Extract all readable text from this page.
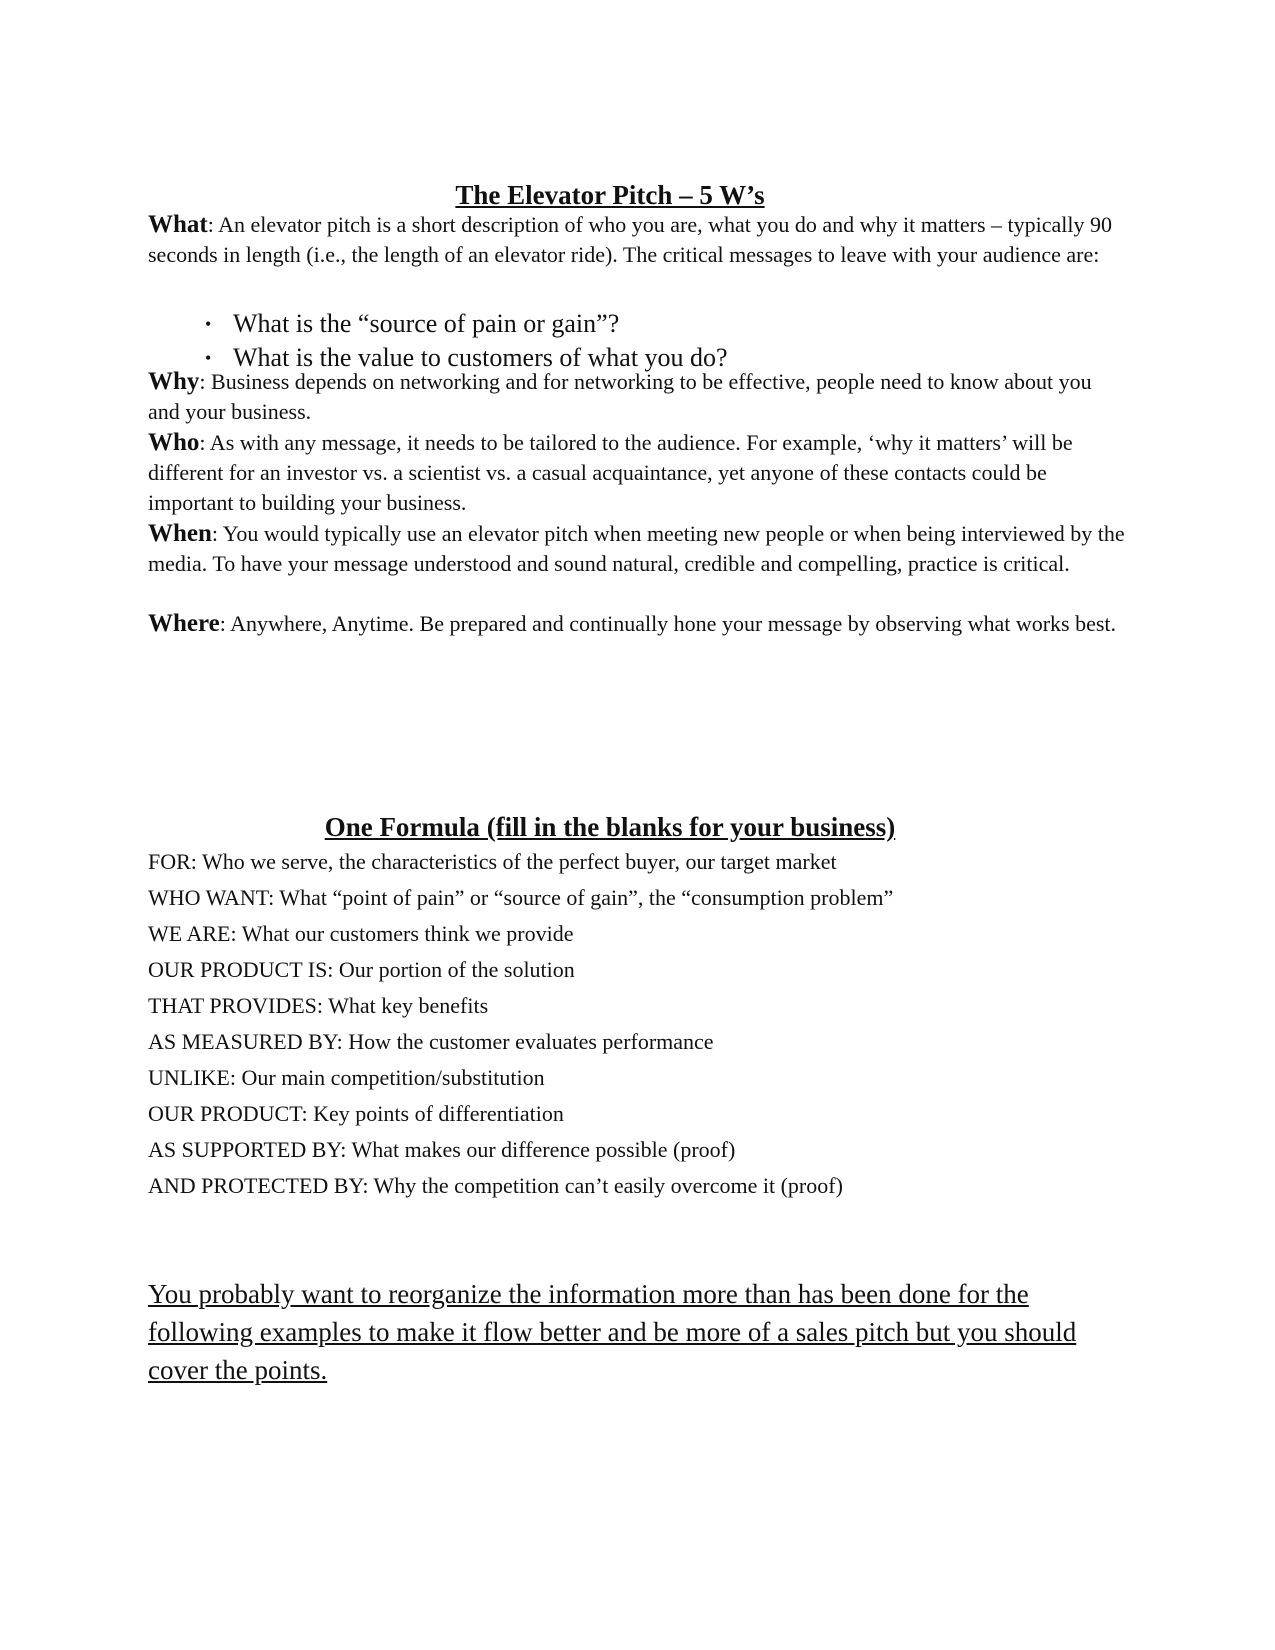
The Elevator Pitch – 5 W’s

What: An elevator pitch is a short description of who you are, what you do and why it matters – typically 90 seconds in length (i.e., the length of an elevator ride). The critical messages to leave with your audience are:

• What is the “source of pain or gain”?
• What is the value to customers of what you do?

Why: Business depends on networking and for networking to be effective, people need to know about you and your business.

Who: As with any message, it needs to be tailored to the audience. For example, ‘why it matters’ will be different for an investor vs. a scientist vs. a casual acquaintance, yet anyone of these contacts could be important to building your business.

When: You would typically use an elevator pitch when meeting new people or when being interviewed by the media. To have your message understood and sound natural, credible and compelling, practice is critical.

Where: Anywhere, Anytime. Be prepared and continually hone your message by observing what works best.

One Formula (fill in the blanks for your business)
FOR: Who we serve, the characteristics of the perfect buyer, our target market
WHO WANT: What “point of pain” or “source of gain”, the “consumption problem”
WE ARE: What our customers think we provide
OUR PRODUCT IS: Our portion of the solution
THAT PROVIDES: What key benefits
AS MEASURED BY: How the customer evaluates performance
UNLIKE: Our main competition/substitution
OUR PRODUCT: Key points of differentiation
AS SUPPORTED BY: What makes our difference possible (proof)
AND PROTECTED BY: Why the competition can’t easily overcome it (proof)

You probably want to reorganize the information more than has been done for the following examples to make it flow better and be more of a sales pitch but you should cover the points.
